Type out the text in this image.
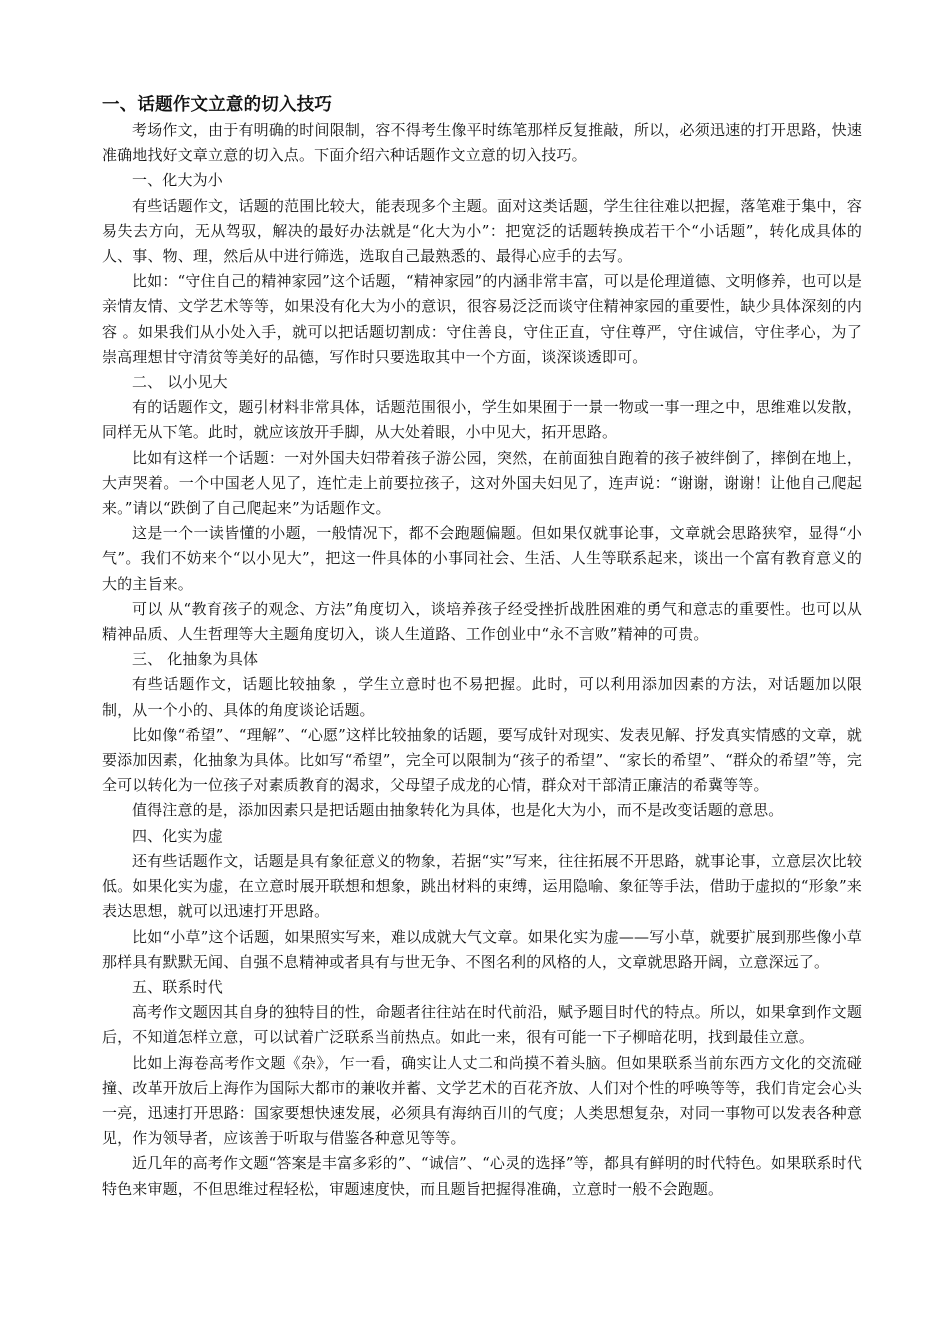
一、话题作文立意的切入技巧
考场作文，由于有明确的时间限制，容不得考生像平时练笔那样反复推敲，所以，必须迅速的打开思路，快速准确地找好文章立意的切入点。下面介绍六种话题作文立意的切入技巧。
一、化大为小
有些话题作文，话题的范围比较大，能表现多个主题。面对这类话题，学生往往难以把握，落笔难于集中，容易失去方向，无从驾驭，解决的最好办法就是“化大为小”：把宽泛的话题转换成若干个“小话题”，转化成具体的人、事、物、理，然后从中进行筛选，选取自己最熟悉的、最得心应手的去写。
比如：“守住自己的精神家园”这个话题，“精神家园”的内涵非常丰富，可以是伦理道德、文明修养，也可以是亲情友情、文学艺术等等，如果没有化大为小的意识，很容易泛泛而谈守住精神家园的重要性，缺少具体深刻的内容 。如果我们从小处入手，就可以把话题切割成：守住善良，守住正直，守住尊严，守住诚信，守住孝心，为了崇高理想甘守清贫等美好的品德，写作时只要选取其中一个方面，谈深谈透即可。
二、 以小见大
有的话题作文，题引材料非常具体，话题范围很小，学生如果囿于一景一物或一事一理之中，思维难以发散，同样无从下笔。此时，就应该放开手脚，从大处着眼，小中见大，拓开思路。
比如有这样一个话题：一对外国夫妇带着孩子游公园，突然，在前面独自跑着的孩子被绊倒了，摔倒在地上，大声哭着。一个中国老人见了，连忙走上前要拉孩子，这对外国夫妇见了，连声说：“谢谢，谢谢！让他自己爬起来。”请以“跌倒了自己爬起来”为话题作文。
这是一个一读皆懂的小题，一般情况下，都不会跑题偏题。但如果仅就事论事，文章就会思路狭窄，显得“小气”。我们不妨来个“以小见大”，把这一件具体的小事同社会、生活、人生等联系起来，谈出一个富有教育意义的大的主旨来。
可以 从“教育孩子的观念、方法”角度切入，谈培养孩子经受挫折战胜困难的勇气和意志的重要性。也可以从精神品质、人生哲理等大主题角度切入，谈人生道路、工作创业中“永不言败”精神的可贵。
三、 化抽象为具体
有些话题作文，话题比较抽象 ，学生立意时也不易把握。此时，可以利用添加因素的方法，对话题加以限制，从一个小的、具体的角度谈论话题。
比如像“希望”、“理解”、“心愿”这样比较抽象的话题，要写成针对现实、发表见解、抒发真实情感的文章，就要添加因素，化抽象为具体。比如写“希望”，完全可以限制为“孩子的希望”、“家长的希望”、“群众的希望”等，完全可以转化为一位孩子对素质教育的渴求，父母望子成龙的心情，群众对干部清正廉洁的希冀等等。
值得注意的是，添加因素只是把话题由抽象转化为具体，也是化大为小，而不是改变话题的意思。
四、化实为虚
还有些话题作文，话题是具有象征意义的物象，若据“实”写来，往往拓展不开思路，就事论事，立意层次比较低。如果化实为虚，在立意时展开联想和想象，跳出材料的束缚，运用隐喻、象征等手法，借助于虚拟的“形象”来表达思想，就可以迅速打开思路。
比如“小草”这个话题，如果照实写来，难以成就大气文章。如果化实为虚——写小草，就要扩展到那些像小草那样具有默默无闻、自强不息精神或者具有与世无争、不图名利的风格的人，文章就思路开阔，立意深远了。
五、联系时代
高考作文题因其自身的独特目的性，命题者往往站在时代前沿，赋予题目时代的特点。所以，如果拿到作文题后，不知道怎样立意，可以试着广泛联系当前热点。如此一来，很有可能一下子柳暗花明，找到最佳立意。
比如上海卷高考作文题《杂》，乍一看，确实让人丈二和尚摸不着头脑。但如果联系当前东西方文化的交流碰撞、改革开放后上海作为国际大都市的兼收并蓄、文学艺术的百花齐放、人们对个性的呼唤等等，我们肯定会心头一亮，迅速打开思路：国家要想快速发展，必须具有海纳百川的气度；人类思想复杂，对同一事物可以发表各种意见，作为领导者，应该善于听取与借鉴各种意见等等。
近几年的高考作文题“答案是丰富多彩的”、“诚信”、“心灵的选择”等，都具有鲜明的时代特色。如果联系时代特色来审题，不但思维过程轻松，审题速度快，而且题旨把握得准确，立意时一般不会跑题。
